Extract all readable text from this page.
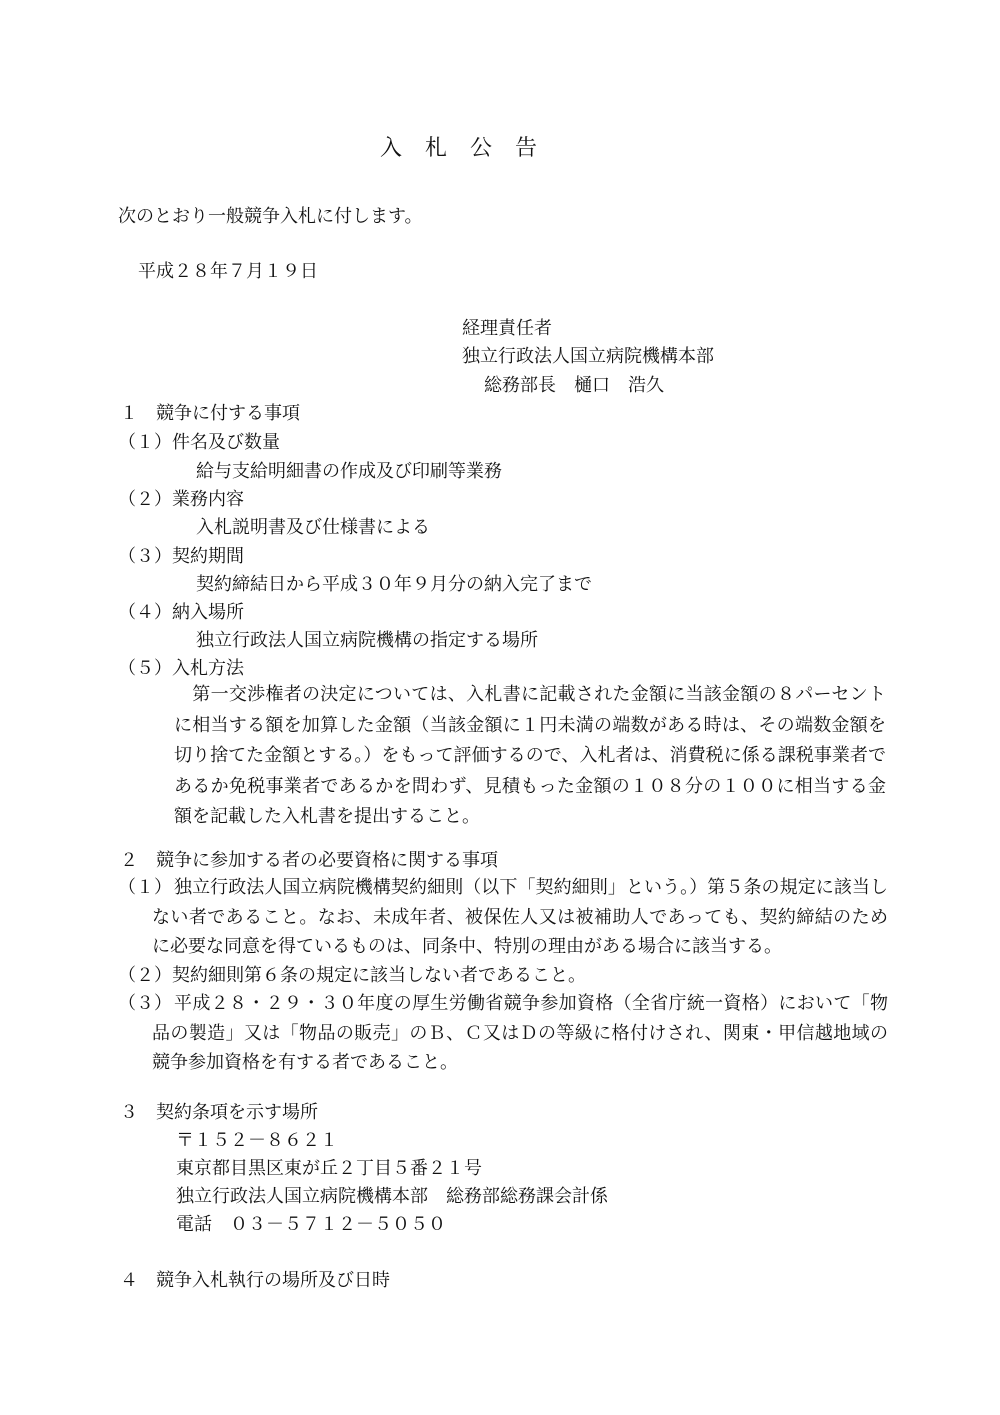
入 札 公 告
次のとおり一般競争入札に付します。
平成２８年７月１９日
経理責任者
独立行政法人国立病院機構本部
総務部長　樋口　浩久
１　競争に付する事項
（１）件名及び数量
給与支給明細書の作成及び印刷等業務
（２）業務内容
入札説明書及び仕様書による
（３）契約期間
契約締結日から平成３０年９月分の納入完了まで
（４）納入場所
独立行政法人国立病院機構の指定する場所
（５）入札方法
　第一交渉権者の決定については、入札書に記載された金額に当該金額の８パーセントに相当する額を加算した金額（当該金額に１円未満の端数がある時は、その端数金額を切り捨てた金額とする。）をもって評価するので、入札者は、消費税に係る課税事業者であるか免税事業者であるかを問わず、見積もった金額の１０８分の１００に相当する金額を記載した入札書を提出すること。
２　競争に参加する者の必要資格に関する事項
（１） 独立行政法人国立病院機構契約細則（以下「契約細則」という。）第５条の規定に該当しない者であること。なお、未成年者、被保佐人又は被補助人であっても、契約締結のために必要な同意を得ているものは、同条中、特別の理由がある場合に該当する。
（２）契約細則第６条の規定に該当しない者であること。
（３） 平成２８・２９・３０年度の厚生労働省競争参加資格（全省庁統一資格）において「物品の製造」又は「物品の販売」のＢ、Ｃ又はＤの等級に格付けされ、関東・甲信越地域の競争参加資格を有する者であること。
３　契約条項を示す場所
〒１５２－８６２１
東京都目黒区東が丘２丁目５番２１号
独立行政法人国立病院機構本部　総務部総務課会計係
電話　０３－５７１２－５０５０
４　競争入札執行の場所及び日時
